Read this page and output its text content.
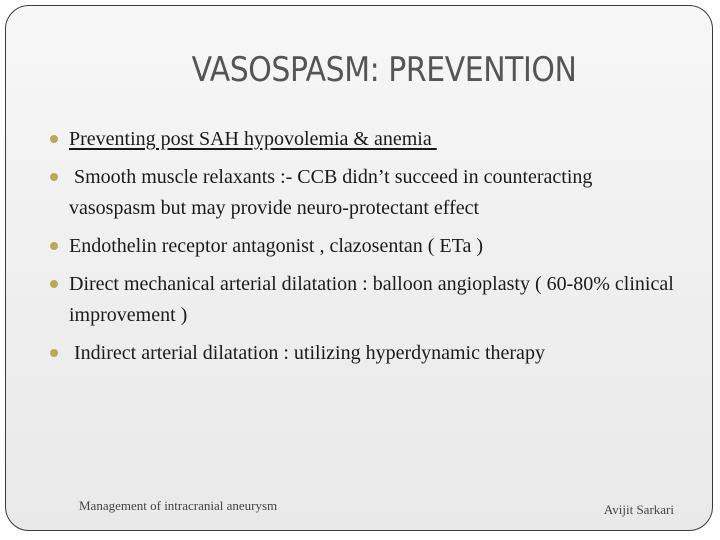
VASOSPASM: PREVENTION
Preventing post SAH hypovolemia & anemia
Smooth muscle relaxants :- CCB didn’t succeed in counteracting vasospasm but may provide neuro-protectant effect
Endothelin receptor antagonist , clazosentan ( ETa )
Direct mechanical arterial dilatation : balloon angioplasty ( 60-80% clinical improvement )
Indirect arterial dilatation : utilizing hyperdynamic therapy
Management of intracranial aneurysm	Avijit Sarkari
